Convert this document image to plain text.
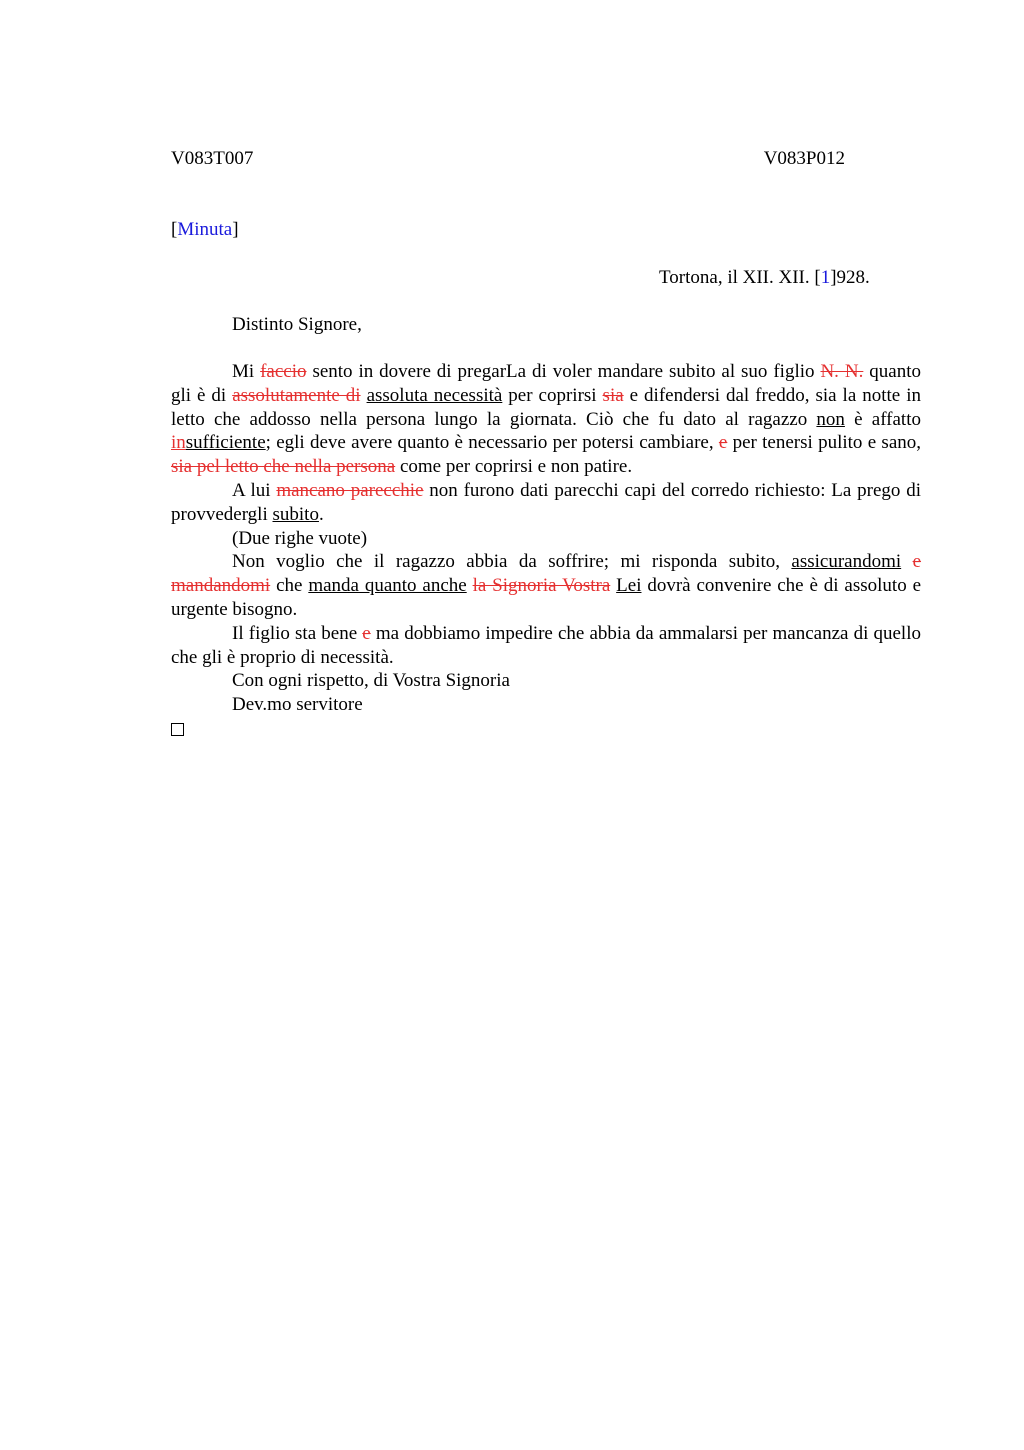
V083T007	V083P012
[Minuta]
Tortona, il XII. XII. [1]928.
Distinto Signore,

Mi faccio sento in dovere di pregarLa di voler mandare subito al suo figlio N. N. quanto gli è di assolutamente di assoluta necessità per coprirsi sia e difendersi dal freddo, sia la notte in letto che addosso nella persona lungo la giornata. Ciò che fu dato al ragazzo non è affatto insufficiente; egli deve avere quanto è necessario per potersi cambiare, e per tenersi pulito e sano, sia pel letto che nella persona come per coprirsi e non patire.

A lui mancano parecchie non furono dati parecchi capi del corredo richiesto: La prego di provvedergli subito.

(Due righe vuote)

Non voglio che il ragazzo abbia da soffrire; mi risponda subito, assicurandomi e mandandomi che manda quanto anche la Signoria Vostra Lei dovrà convenire che è di assoluto e urgente bisogno.

Il figlio sta bene e ma dobbiamo impedire che abbia da ammalarsi per mancanza di quello che gli è proprio di necessità.

Con ogni rispetto, di Vostra Signoria

Dev.mo servitore
